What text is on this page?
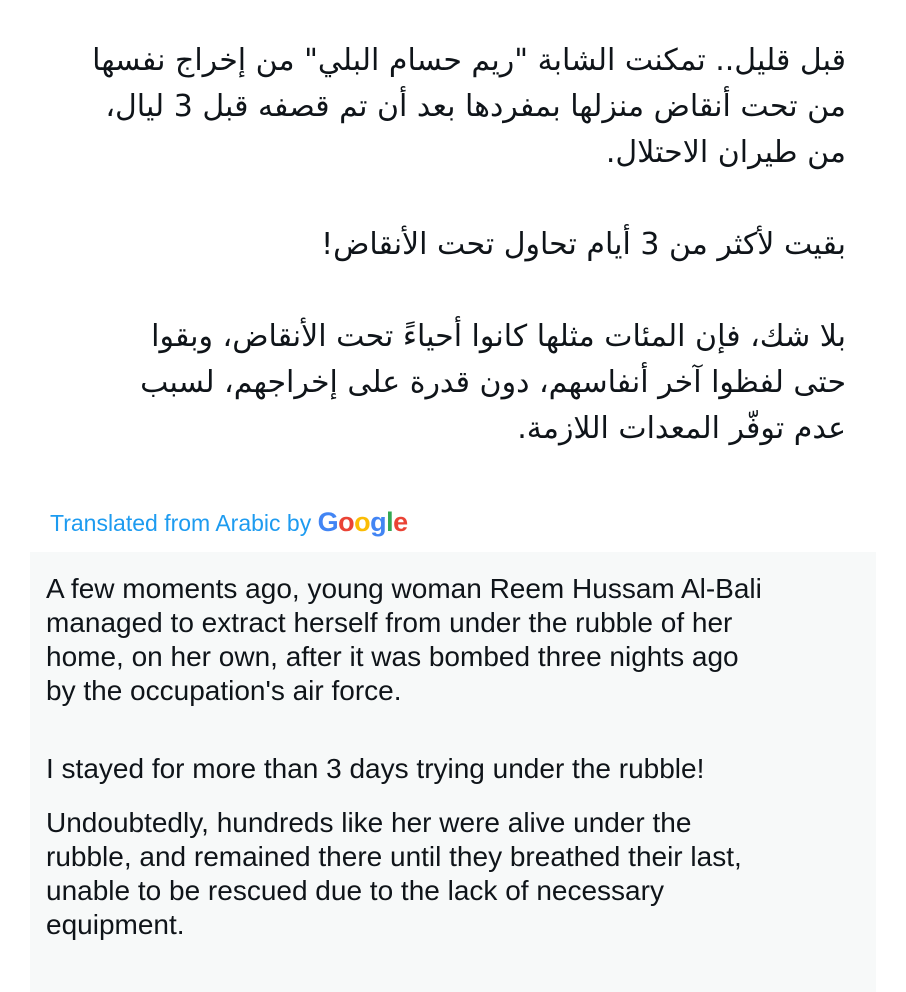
قبل قليل.. تمكنت الشابة "ريم حسام البلي" من إخراج نفسها
من تحت أنقاض منزلها بمفردها بعد أن تم قصفه قبل 3 ليال،
من طيران الاحتلال.
بقيت لأكثر من 3 أيام تحاول تحت الأنقاض!
بلا شك، فإن المئات مثلها كانوا أحياءً تحت الأنقاض، وبقوا
حتى لفظوا آخر أنفاسهم، دون قدرة على إخراجهم، لسبب
عدم توفّر المعدات اللازمة.
Translated from Arabic by Google
A few moments ago, young woman Reem Hussam Al-Bali
managed to extract herself from under the rubble of her
home, on her own, after it was bombed three nights ago
by the occupation's air force.
I stayed for more than 3 days trying under the rubble!
Undoubtedly, hundreds like her were alive under the
rubble, and remained there until they breathed their last,
unable to be rescued due to the lack of necessary
equipment.
